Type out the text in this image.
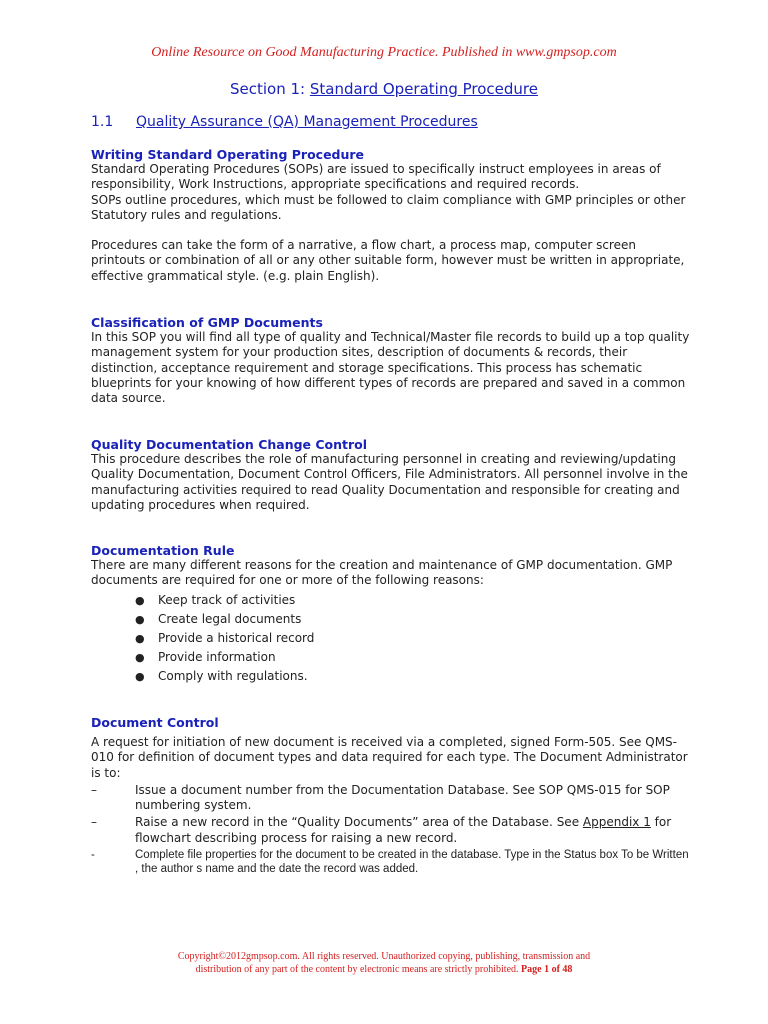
Online Resource on Good Manufacturing Practice. Published in www.gmpsop.com
Section 1: Standard Operating Procedure
1.1 Quality Assurance (QA) Management Procedures
Writing Standard Operating Procedure

Standard Operating Procedures (SOPs) are issued to specifically instruct employees in areas of responsibility, Work Instructions, appropriate specifications and required records.

SOPs outline procedures, which must be followed to claim compliance with GMP principles or other Statutory rules and regulations.

Procedures can take the form of a narrative, a flow chart, a process map, computer screen printouts or combination of all or any other suitable form, however must be written in appropriate, effective grammatical style. (e.g. plain English).

Classification of GMP Documents

In this SOP you will find all type of quality and Technical/Master file records to build up a top quality management system for your production sites, description of documents & records, their distinction, acceptance requirement and storage specifications. This process has schematic blueprints for your knowing of how different types of records are prepared and saved in a common data source.

Quality Documentation Change Control

This procedure describes the role of manufacturing personnel in creating and reviewing/updating Quality Documentation, Document Control Officers, File Administrators. All personnel involve in the manufacturing activities required to read Quality Documentation and responsible for creating and updating procedures when required.

Documentation Rule

There are many different reasons for the creation and maintenance of GMP documentation. GMP documents are required for one or more of the following reasons:

● Keep track of activities
● Create legal documents
● Provide a historical record
● Provide information
● Comply with regulations.
Document Control

A request for initiation of new document is received via a completed, signed Form-505. See QMS-010 for definition of document types and data required for each type. The Document Administrator is to:

–	Issue a document number from the Documentation Database. See SOP QMS-015 for SOP numbering system.
–	Raise a new record in the “Quality Documents” area of the Database. See Appendix 1 for flowchart describing process for raising a new record.
-	Complete file properties for the document to be created in the database. Type in the Status box To be Written , the author s name and the date the record was added.
Copyright©2012gmpsop.com. All rights reserved. Unauthorized copying, publishing, transmission and
distribution of any part of the content by electronic means are strictly prohibited. Page 1 of 48
